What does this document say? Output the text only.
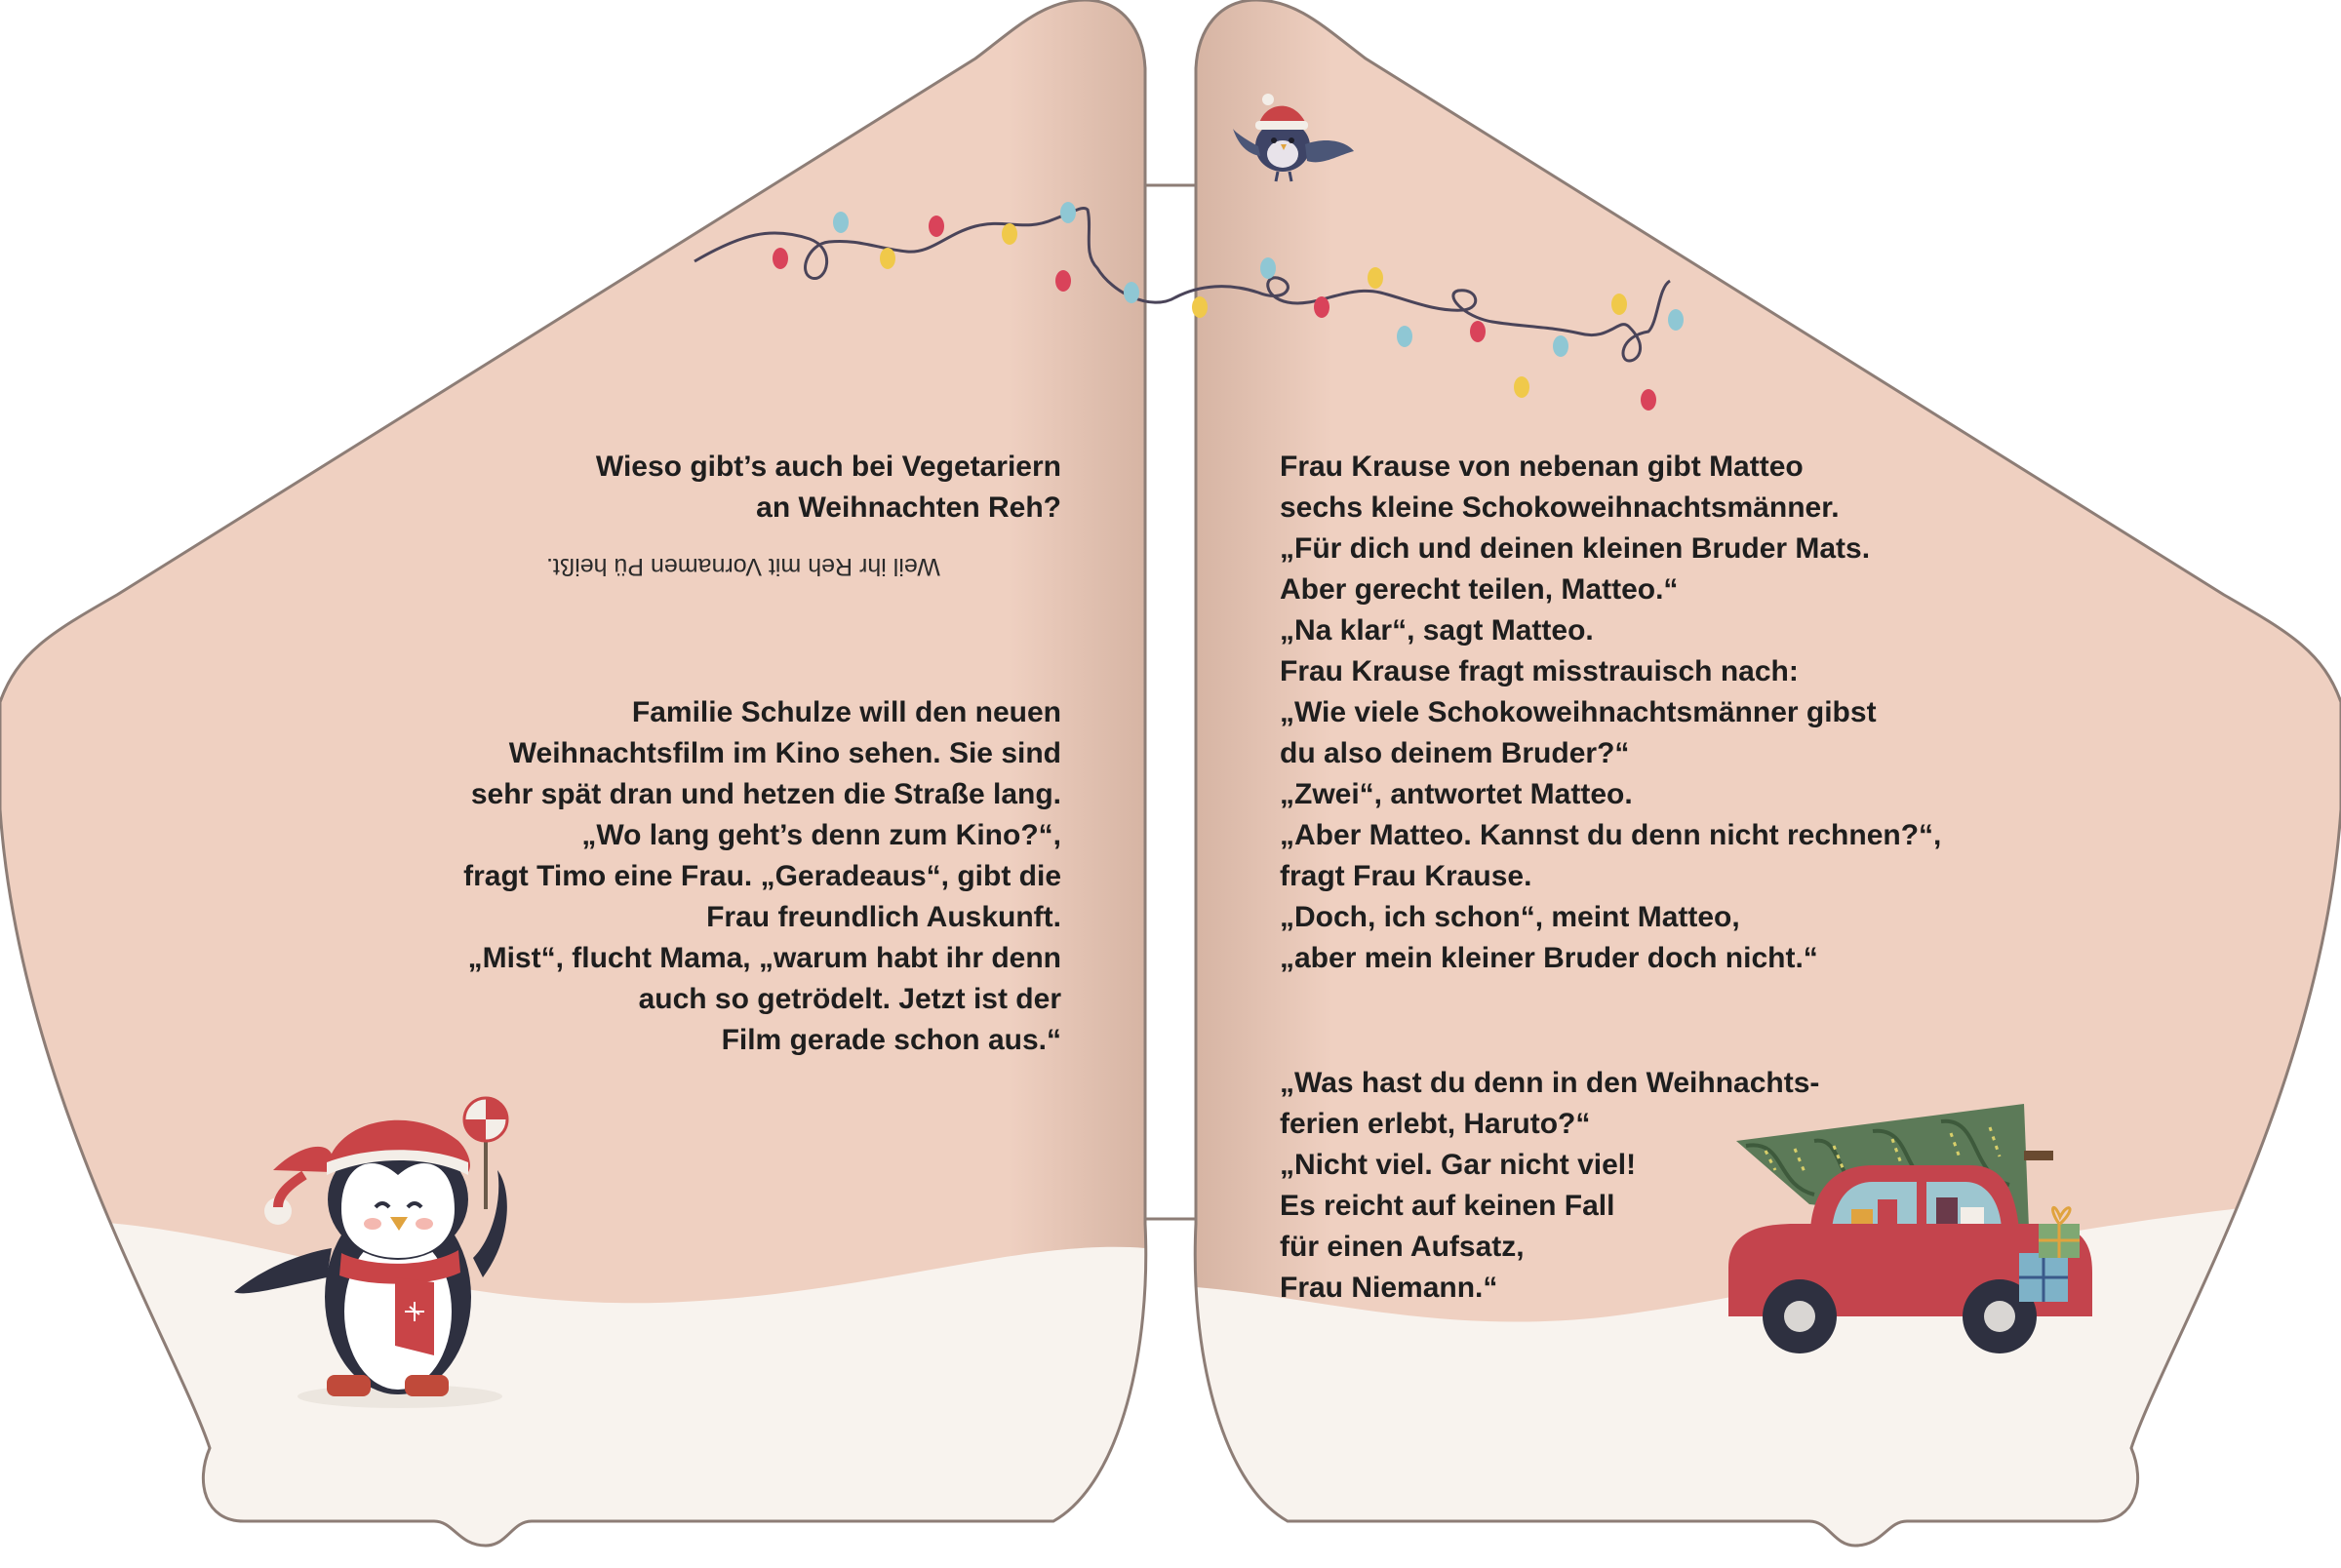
Wieso gibt’s auch bei Vegetariern
an Weihnachten Reh?

Weil ihr Reh mit Vornamen Pü heißt.

Familie Schulze will den neuen
Weihnachtsfilm im Kino sehen. Sie sind
sehr spät dran und hetzen die Straße lang.
„Wo lang geht’s denn zum Kino?“,
fragt Timo eine Frau. „Geradeaus“, gibt die
Frau freundlich Auskunft.
„Mist“, flucht Mama, „warum habt ihr denn
auch so getrödelt. Jetzt ist der
Film gerade schon aus.“
Frau Krause von nebenan gibt Matteo
sechs kleine Schokoweihnachtsmänner.
„Für dich und deinen kleinen Bruder Mats.
Aber gerecht teilen, Matteo.“
„Na klar“, sagt Matteo.
Frau Krause fragt misstrauisch nach:
„Wie viele Schokoweihnachtsmänner gibst
du also deinem Bruder?“
„Zwei“, antwortet Matteo.
„Aber Matteo. Kannst du denn nicht rechnen?“,
fragt Frau Krause.
„Doch, ich schon“, meint Matteo,
„aber mein kleiner Bruder doch nicht.“
„Was hast du denn in den Weihnachts-
ferien erlebt, Haruto?“
„Nicht viel. Gar nicht viel!
Es reicht auf keinen Fall
für einen Aufsatz,
Frau Niemann.“
